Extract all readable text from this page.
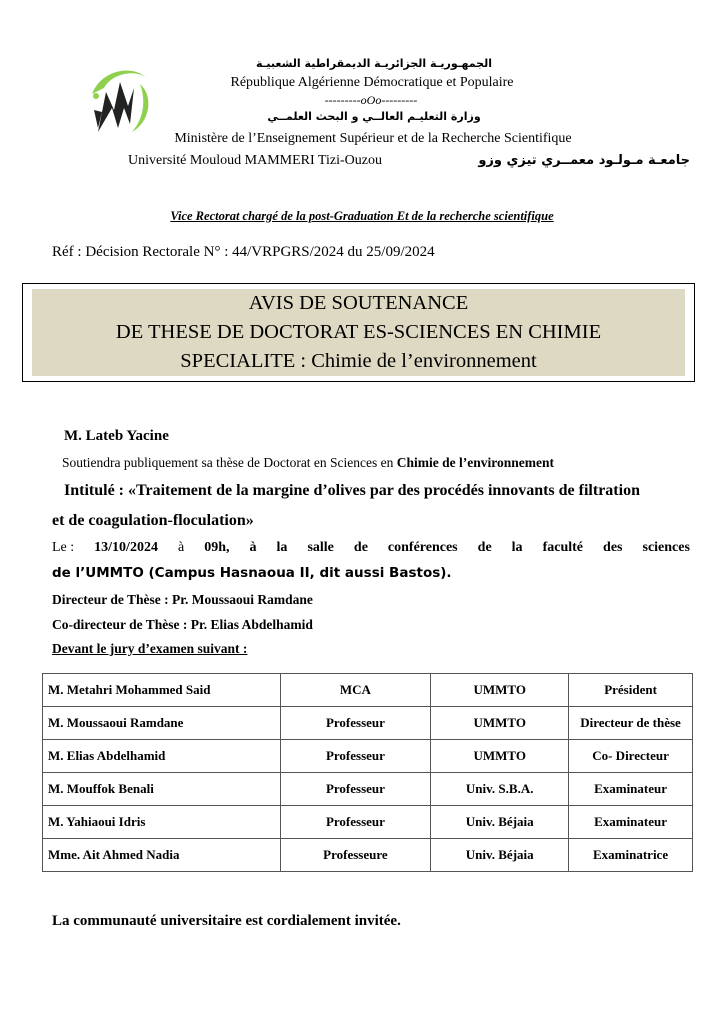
الجمهـوريـة الجزائريـة الديمقراطية الشعبيـة
République Algérienne Démocratique et Populaire
---------oOo---------
وزارة التعليـم العالــي و البحث العلمــي
Ministère de l’Enseignement Supérieur et de la Recherche Scientifique
Université Mouloud MAMMERI Tizi-Ouzou	جامعـة مـولـود معمــري تيزي وزو
Vice Rectorat chargé de la post-Graduation Et de la recherche scientifique
Réf : Décision Rectorale N° : 44/VRPGRS/2024 du 25/09/2024
AVIS DE SOUTENANCE
DE THESE DE DOCTORAT ES-SCIENCES EN CHIMIE
SPECIALITE : Chimie de l’environnement
M. Lateb Yacine
Soutiendra publiquement sa thèse de Doctorat en Sciences en Chimie de l’environnement
Intitulé : «Traitement de la margine d’olives par des procédés innovants de filtration
et de coagulation-floculation»
Le : 13/10/2024 à 09h, à la salle de conférences de la faculté des sciences
de l’UMMTO (Campus Hasnaoua II, dit aussi Bastos).
Directeur de Thèse : Pr. Moussaoui Ramdane
Co-directeur de Thèse : Pr. Elias Abdelhamid
Devant le jury d’examen suivant :
M. Metahri Mohammed Said	MCA	UMMTO	Président
M. Moussaoui Ramdane	Professeur	UMMTO	Directeur de thèse
M. Elias Abdelhamid	Professeur	UMMTO	Co- Directeur
M. Mouffok Benali	Professeur	Univ. S.B.A.	Examinateur
M. Yahiaoui Idris	Professeur	Univ. Béjaia	Examinateur
Mme. Ait Ahmed Nadia	Professeure	Univ. Béjaia	Examinatrice
La communauté universitaire est cordialement invitée.
